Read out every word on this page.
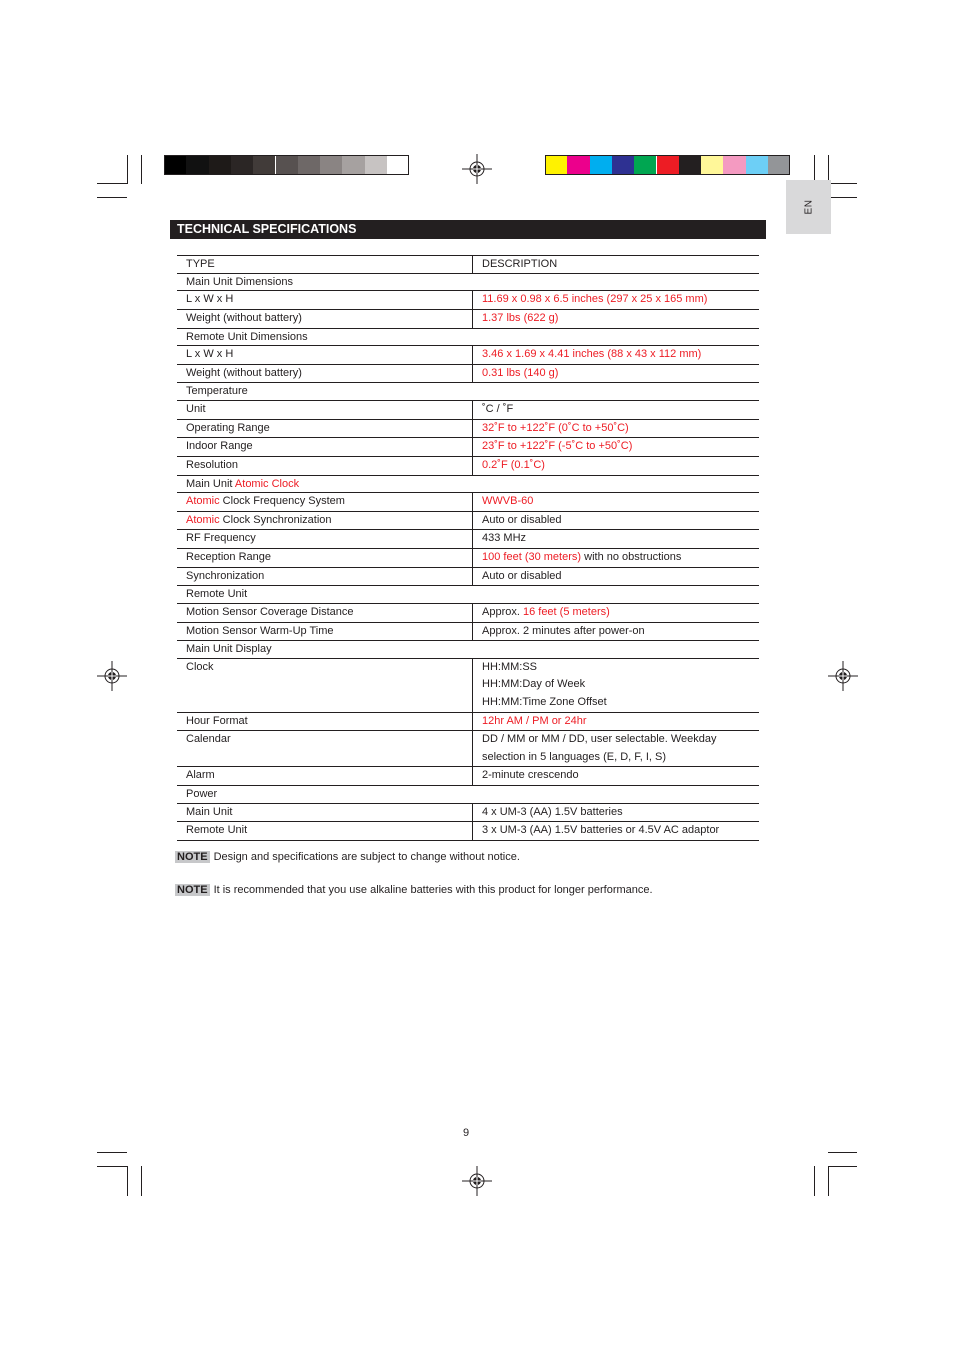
EN
TECHNICAL SPECIFICATIONS
TYPE	DESCRIPTION
Main Unit Dimensions	
L x W x H	11.69 x 0.98 x 6.5 inches (297 x 25 x 165 mm)

Weight (without battery)	1.37 lbs (622 g)

Remote Unit Dimensions	
L x W x H	3.46 x 1.69 x 4.41 inches (88 x 43 x 112 mm)

Weight (without battery)	0.31 lbs (140 g)

Temperature	
Unit	˚C / ˚F

Operating Range	32˚F to +122˚F (0˚C to +50˚C)

Indoor Range	23˚F to +122˚F (-5˚C to +50˚C)

Resolution	0.2˚F (0.1˚C)

Main Unit Atomic Clock	
Atomic Clock Frequency System	WWVB-60

Atomic Clock Synchronization	Auto or disabled

RF Frequency	433 MHz

Reception Range	100 feet (30 meters) with no obstructions

Synchronization	Auto or disabled

Remote Unit	
Motion Sensor Coverage Distance	Approx. 16 feet (5 meters)

Motion Sensor Warm-Up Time	Approx. 2 minutes after power-on

Main Unit Display	
Clock	HH:MM:SS
HH:MM:Day of Week
HH:MM:Time Zone Offset

Hour Format	12hr AM / PM or 24hr

Calendar	DD / MM or MM / DD, user selectable. Weekday
selection in 5 languages (E, D, F, I, S)

Alarm	2-minute crescendo

Power	
Main Unit	4 x UM-3 (AA) 1.5V batteries

Remote Unit	3 x UM-3 (AA) 1.5V batteries or 4.5V AC adaptor
NOTE Design and specifications are subject to change without notice.
NOTE It is recommended that you use alkaline batteries with this product for longer performance.
9
